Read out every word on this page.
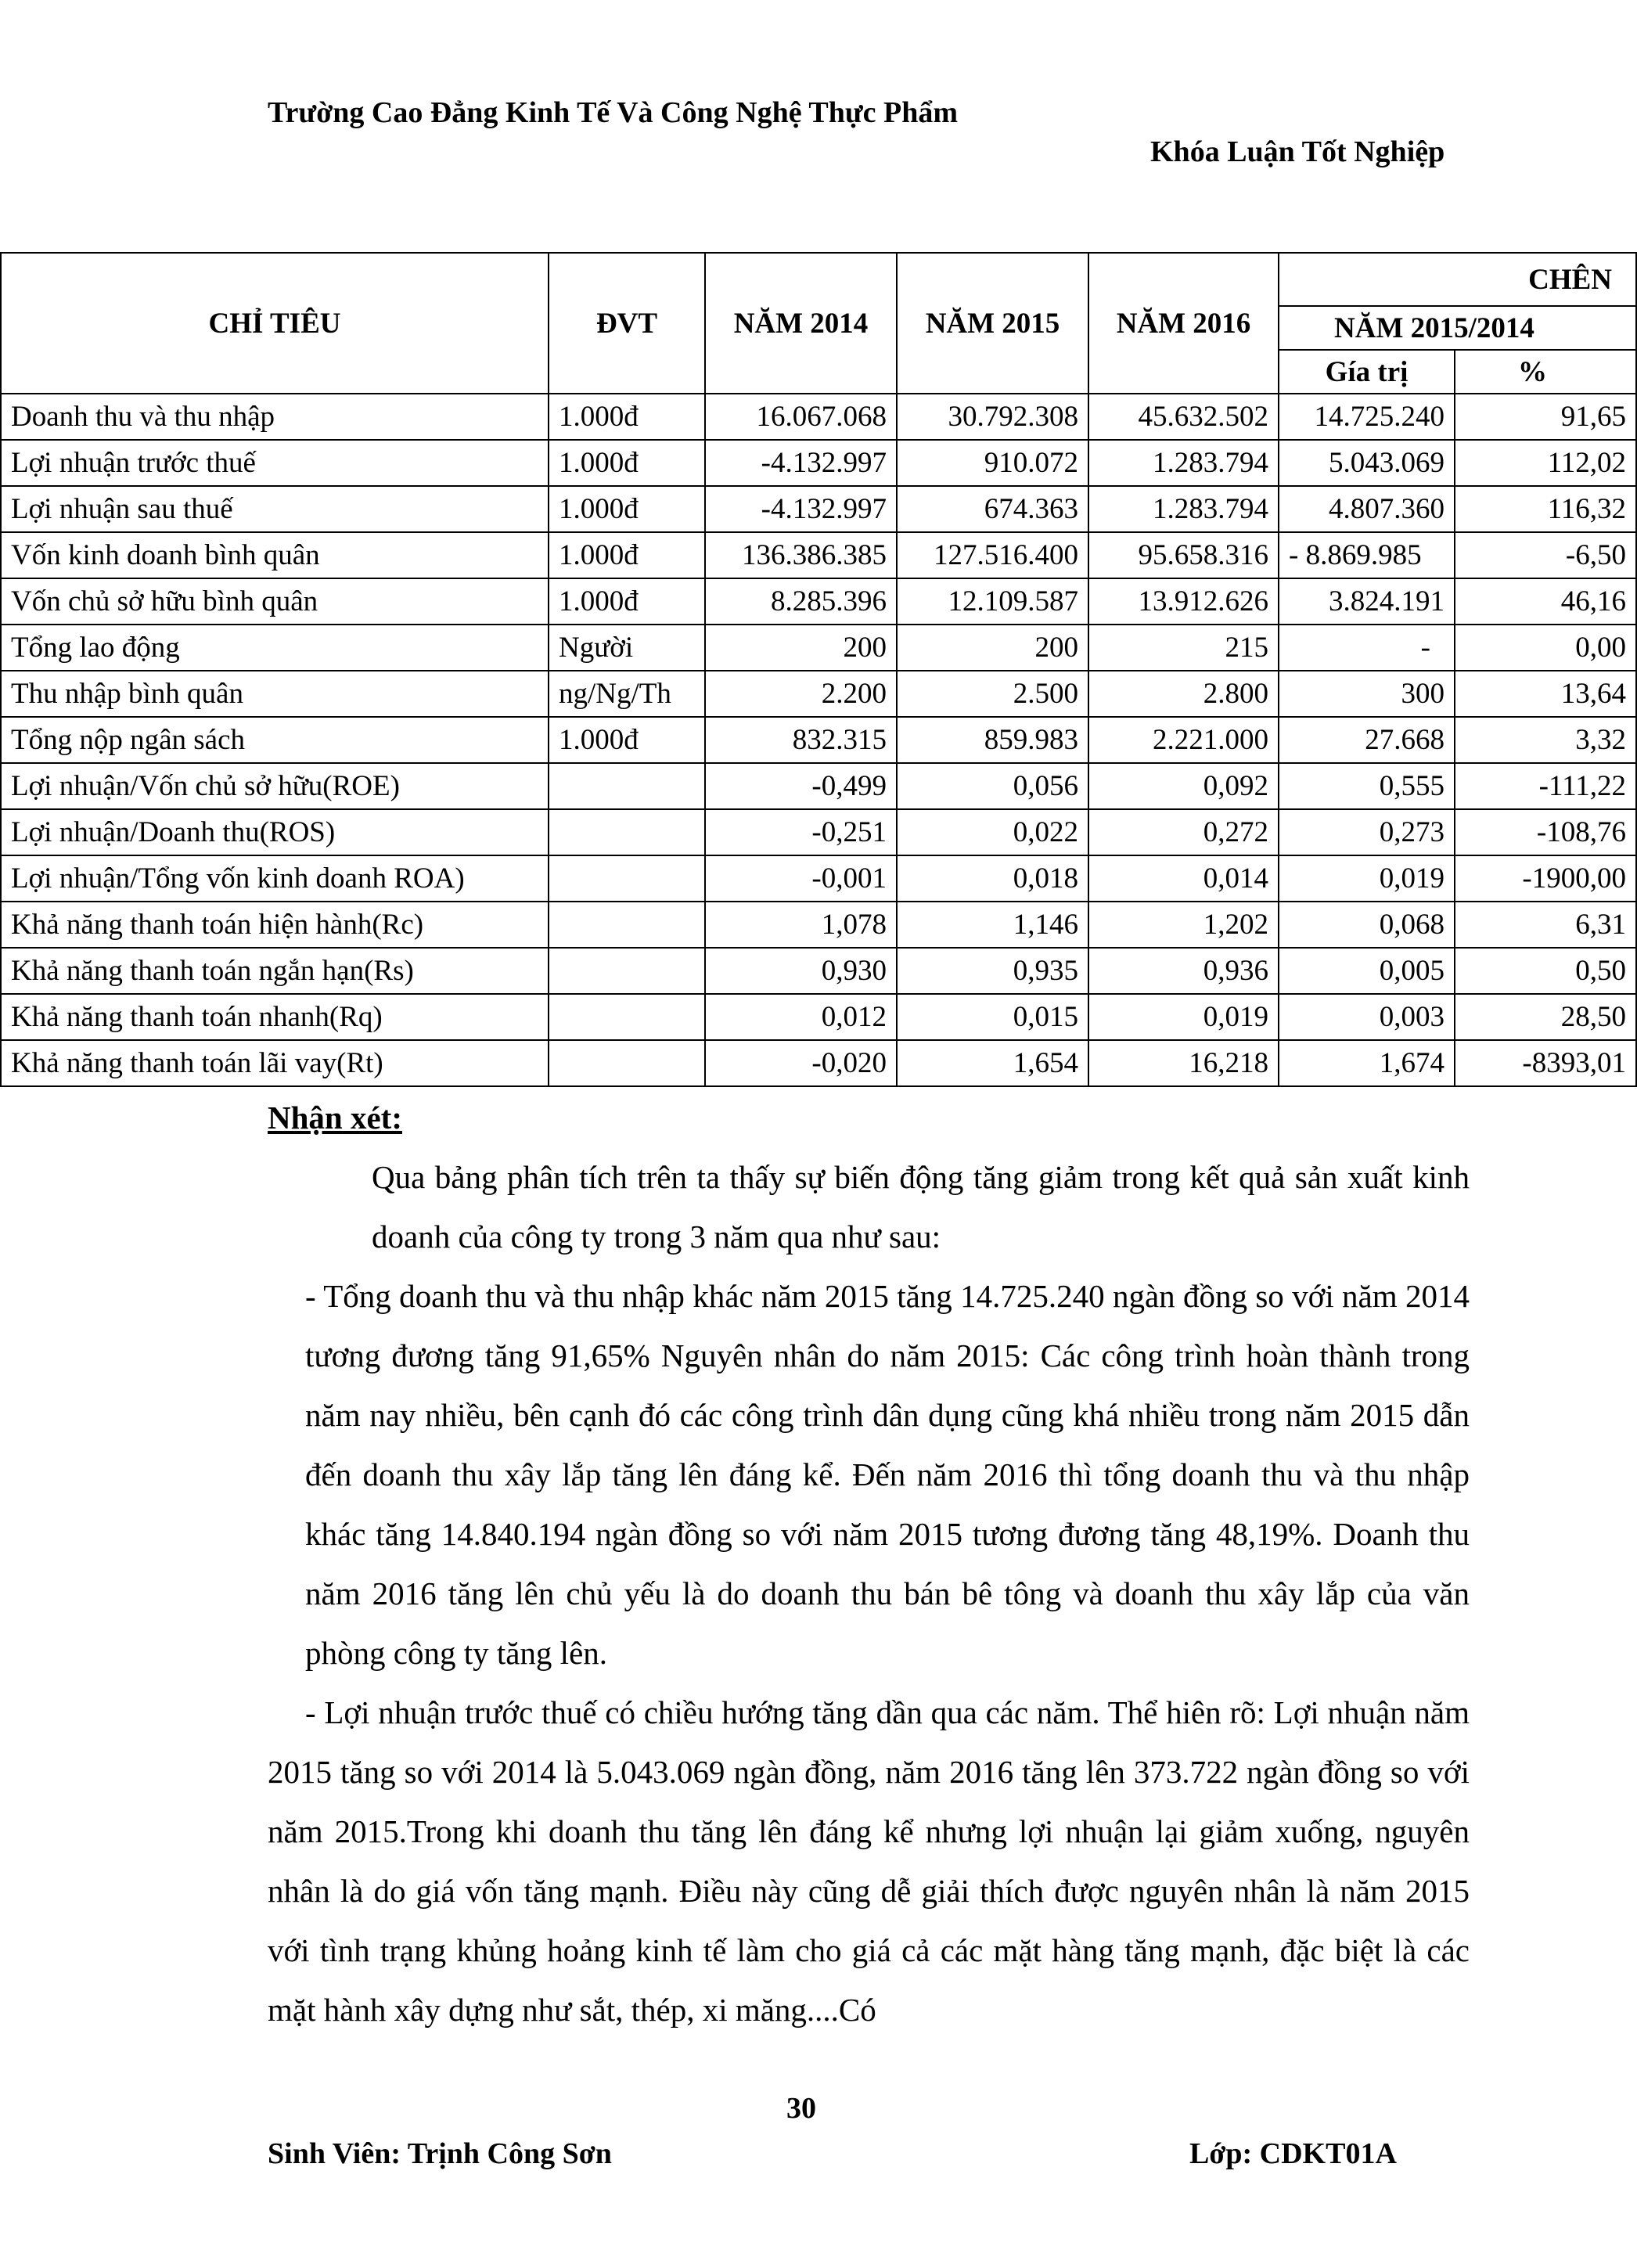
Trường Cao Đẳng Kinh Tế Và Công Nghệ Thực Phẩm
Khóa Luận Tốt Nghiệp
CHỈ TIÊU	ĐVT	NĂM 2014	NĂM 2015	NĂM 2016	CHÊN	
					NĂM 2015/2014	
					Gía trị	%
Doanh thu và thu nhập	1.000đ	16.067.068	30.792.308	45.632.502	14.725.240	91,65
Lợi nhuận trước thuế	1.000đ	-4.132.997	910.072	1.283.794	5.043.069	112,02
Lợi nhuận sau thuế	1.000đ	-4.132.997	674.363	1.283.794	4.807.360	116,32
Vốn kinh doanh bình quân	1.000đ	136.386.385	127.516.400	95.658.316	- 8.869.985	-6,50
Vốn chủ sở hữu bình quân	1.000đ	8.285.396	12.109.587	13.912.626	3.824.191	46,16
Tổng lao động	Người	200	200	215	-	0,00
Thu nhập bình quân	ng/Ng/Th	2.200	2.500	2.800	300	13,64
Tổng nộp ngân sách	1.000đ	832.315	859.983	2.221.000	27.668	3,32
Lợi nhuận/Vốn chủ sở hữu(ROE)		-0,499	0,056	0,092	0,555	-111,22
Lợi nhuận/Doanh thu(ROS)		-0,251	0,022	0,272	0,273	-108,76
Lợi nhuận/Tổng vốn kinh doanh ROA)		-0,001	0,018	0,014	0,019	-1900,00
Khả năng thanh toán hiện hành(Rc)		1,078	1,146	1,202	0,068	6,31
Khả năng thanh toán ngắn hạn(Rs)		0,930	0,935	0,936	0,005	0,50
Khả năng thanh toán nhanh(Rq)		0,012	0,015	0,019	0,003	28,50
Khả năng thanh toán lãi vay(Rt)		-0,020	1,654	16,218	1,674	-8393,01
Nhận xét:

Qua bảng phân tích trên ta thấy sự biến động tăng giảm trong kết quả sản xuất kinh doanh của công ty trong 3 năm qua như sau:

- Tổng doanh thu và thu nhập khác năm 2015 tăng 14.725.240 ngàn đồng so với năm 2014 tương đương tăng 91,65% Nguyên nhân do năm 2015: Các công trình hoàn thành trong năm nay nhiều, bên cạnh đó các công trình dân dụng cũng khá nhiều trong năm 2015 dẫn đến doanh thu xây lắp tăng lên đáng kể. Đến năm 2016 thì tổng doanh thu và thu nhập khác tăng 14.840.194 ngàn đồng so với năm 2015 tương đương tăng 48,19%. Doanh thu năm 2016 tăng lên chủ yếu là do doanh thu bán bê tông và doanh thu xây lắp của văn phòng công ty tăng lên.

- Lợi nhuận trước thuế có chiều hướng tăng dần qua các năm. Thể hiên rõ: Lợi nhuận năm 2015 tăng so với 2014 là 5.043.069 ngàn đồng, năm 2016 tăng lên 373.722 ngàn đồng so với năm 2015.Trong khi doanh thu tăng lên đáng kể nhưng lợi nhuận lại giảm xuống, nguyên nhân là do giá vốn tăng mạnh. Điều này cũng dễ giải thích được nguyên nhân là năm 2015 với tình trạng khủng hoảng kinh tế làm cho giá cả các mặt hàng tăng mạnh, đặc biệt là các mặt hành xây dựng như sắt, thép, xi măng....Có

30
Sinh Viên: Trịnh Công Sơn	Lớp: CDKT01A
